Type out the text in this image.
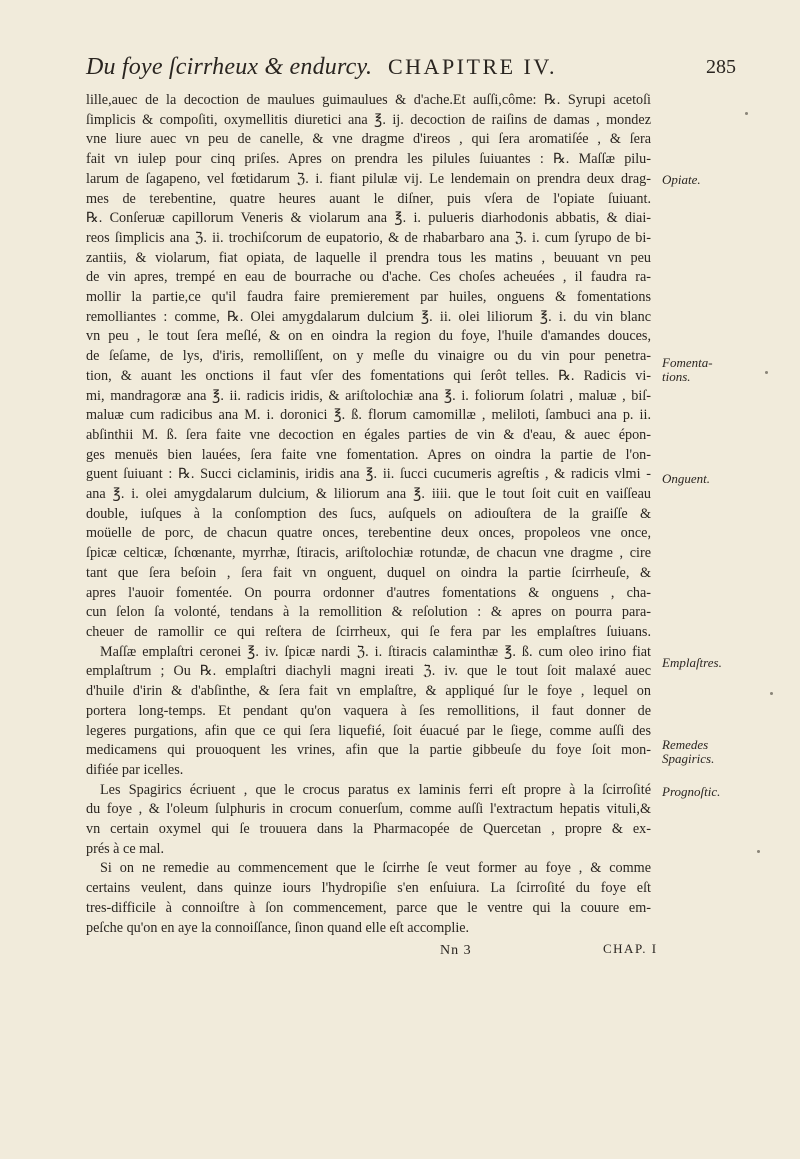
Du foye ſcirrheux & endurcy. CHAPITRE IV.	285
lille,auec de la decoction de maulues guimaulues & d'ache.Et auſſi,côme: ℞. Syrupi acetoſi
ſimplicis & compoſiti, oxymellitis diuretici ana ℥. ij. decoction de raiſins de damas , mondez
vne liure auec vn peu de canelle, & vne dragme d'ireos , qui ſera aromatiſée , & ſera
fait vn iulep pour cinq priſes. Apres on prendra les pilules ſuiuantes : ℞. Maſſæ pilu-
larum de ſagapeno, vel fœtidarum ℨ. i. fiant pilulæ vij. Le lendemain on prendra deux drag-
mes de terebentine, quatre heures auant le diſner, puis vſera de l'opiate ſuiuant.
℞. Conſeruæ capillorum Veneris & violarum ana ℥. i. pulueris diarhodonis abbatis, & diai-
reos ſimplicis ana ℨ. ii. trochiſcorum de eupatorio, & de rhabarbaro ana ℨ. i. cum ſyrupo de bi-
zantiis, & violarum, fiat opiata, de laquelle il prendra tous les matins , beuuant vn peu
de vin apres, trempé en eau de bourrache ou d'ache. Ces choſes acheuées , il faudra ra-
mollir la partie,ce qu'il faudra faire premierement par huiles, onguens & fomentations
remolliantes : comme, ℞. Olei amygdalarum dulcium ℥. ii. olei liliorum ℥. i. du vin blanc
vn peu , le tout ſera meſlé, & on en oindra la region du foye, l'huile d'amandes douces,
de ſeſame, de lys, d'iris, remolliſſent, on y meſle du vinaigre ou du vin pour penetra-
tion, & auant les onctions il faut vſer des fomentations qui ſerôt telles. ℞. Radicis vi-
mi, mandragoræ ana ℥. ii. radicis iridis, & ariſtolochiæ ana ℥. i. foliorum ſolatri , maluæ , biſ-
maluæ cum radicibus ana M. i. doronici ℥. ß. florum camomillæ , meliloti, ſambuci ana p. ii.
abſinthii M. ß. ſera faite vne decoction en égales parties de vin & d'eau, & auec épon-
ges menuës bien lauées, ſera faite vne fomentation. Apres on oindra la partie de l'on-
guent ſuiuant : ℞. Succi ciclaminis, iridis ana ℥. ii. ſucci cucumeris agreſtis , & radicis vlmi -
ana ℥. i. olei amygdalarum dulcium, & liliorum ana ℥. iiii. que le tout ſoit cuit en vaiſſeau
double, iuſques à la conſomption des ſucs, auſquels on adiouſtera de la graiſſe &
moüelle de porc, de chacun quatre onces, terebentine deux onces, propoleos vne once,
ſpicæ celticæ, ſchœnante, myrrhæ, ſtiracis, ariſtolochiæ rotundæ, de chacun vne dragme , cire
tant que ſera beſoin , ſera fait vn onguent, duquel on oindra la partie ſcirrheuſe, &
apres l'auoir fomentée. On pourra ordonner d'autres fomentations & onguens , cha-
cun ſelon ſa volonté, tendans à la remollition & reſolution : & apres on pourra para-
cheuer de ramollir ce qui reſtera de ſcirrheux, qui ſe fera par les emplaſtres ſuiuans.
Maſſæ emplaſtri ceronei ℥. iv. ſpicæ nardi ℨ. i. ſtiracis calaminthæ ℥. ß. cum oleo irino fiat
emplaſtrum ; Ou ℞. emplaſtri diachyli magni ireati ℨ. iv. que le tout ſoit malaxé auec
d'huile d'irin & d'abſinthe, & ſera fait vn emplaſtre, & appliqué ſur le foye , lequel on
portera long-temps. Et pendant qu'on vaquera à ſes remollitions, il faut donner de
legeres purgations, afin que ce qui ſera liquefié, ſoit éuacué par le ſiege, comme auſſi des
medicamens qui prouoquent les vrines, afin que la partie gibbeuſe du foye ſoit mon-
difiée par icelles.
Les Spagirics écriuent , que le crocus paratus ex laminis ferri eſt propre à la ſcirroſité
du foye , & l'oleum ſulphuris in crocum conuerſum, comme auſſi l'extractum hepatis vituli,&
vn certain oxymel qui ſe trouuera dans la Pharmacopée de Quercetan , propre & ex-
prés à ce mal.
Si on ne remedie au commencement que le ſcirrhe ſe veut former au foye , & comme
certains veulent, dans quinze iours l'hydropiſie s'en enſuiura. La ſcirroſité du foye eſt
tres-difficile à connoiſtre à ſon commencement, parce que le ventre qui la couure em-
peſche qu'on en aye la connoiſſance, ſinon quand elle eſt accomplie.
Opiate.
Fomenta-tions.
Onguent.
Emplaſtres.
Remedes Spagirics.
Prognoſtic.
Nn 3	CHAP. I
